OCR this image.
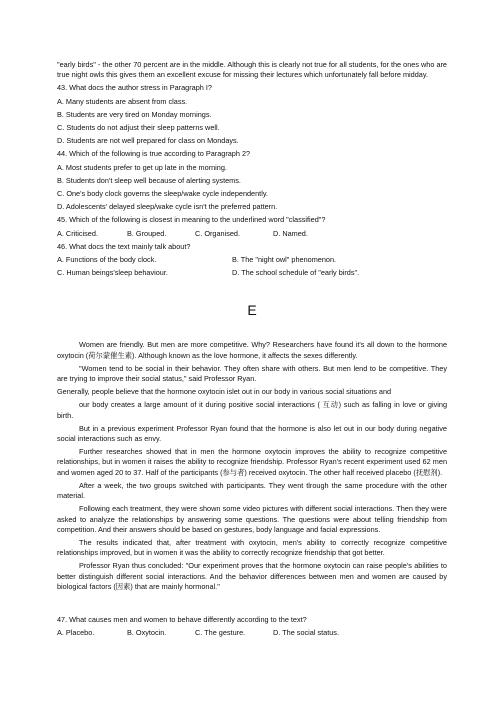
"early birds" - the other 70 percent are in the middle. Although this is clearly not true for all students, for the ones who are true night owls this gives them an excellent excuse for missing their lectures which unfortunately fall before midday.

43. What docs the author stress in Paragraph I?
A. Many students are absent from class.
B. Students are very tired on Monday mornings.
C. Students do not adjust their sleep patterns well.
D. Students are not well prepared for class on Mondays.
44. Which of the following is true according to Paragraph 2?
A. Most students prefer to get up late in the morning.
B. Students don't sleep well because of alerting systems.
C. One's body clock governs the sleep/wake cycle independently.
D. Adolescents' delayed sleep/wake cycle isn't the preferred pattern.
45. Which of the following is closest in meaning to the underlined word "classified"?
A. Criticised.	B. Grouped.	C. Organised.	D. Named.
46. What docs the text mainly talk about?
A. Functions of the body clock.	B. The "night owl" phenomenon.
C. Human beings'sleep behaviour.	D. The school schedule of "early birds".
E

Women are friendly. But men are more competitive. Why? Researchers have found it's all down to the hormone oxytocin (荷尔蒙催生素). Although known as the love hormone, it affects the sexes differently.

"Women tend to be social in their behavior. They often share with others. But men lend to be competitive. They are trying to improve their social status," said Professor Ryan.

Generally, people believe that the hormone oxytocin islet out in our body in various social situations and

our body creates a large amount of it during positive social interactions ( 互动) such as falling in love or giving birth.

But in a previous experiment Professor Ryan found that the hormone is also let out in our body during negative social interactions such as envy.

Further researches showed that in men the hormone oxytocin improves the ability to recognize competitive relationships, but in women it raises the ability to recognize friendship. Professor Ryan's recent experiment used 62 men and women aged 20 to 37. Half of the participants (参与者) received oxytocin. The other half received placebo (抚慰剂).

After a week, the two groups switched with participants. They went tlrough the same procedure with the other material.

Following each treatment, they were shown some video pictures with different social interactions. Then they were asked to analyze the relationships by answering some questions. The questions were about telling friendship from competition. And their answers should be based on gestures, body language and facial expressions.

The results indicated that, after treatment with oxytocin, men's ability to correctly recognize competitive relationships improved, but in women it was the ability to correctly recognize friendship that got better.

Professor Ryan thus concluded: "Our experiment proves that the hormone oxytocin can raise people's abilities to better distinguish different social interactions. And the behavior differences between men and women are caused by biological factors (因素) that are mainly hormonal."

47. What causes men and women to behave differently according to the text?
A. Placebo.	B. Oxytocin.	C. The gesture.	D. The social status.
